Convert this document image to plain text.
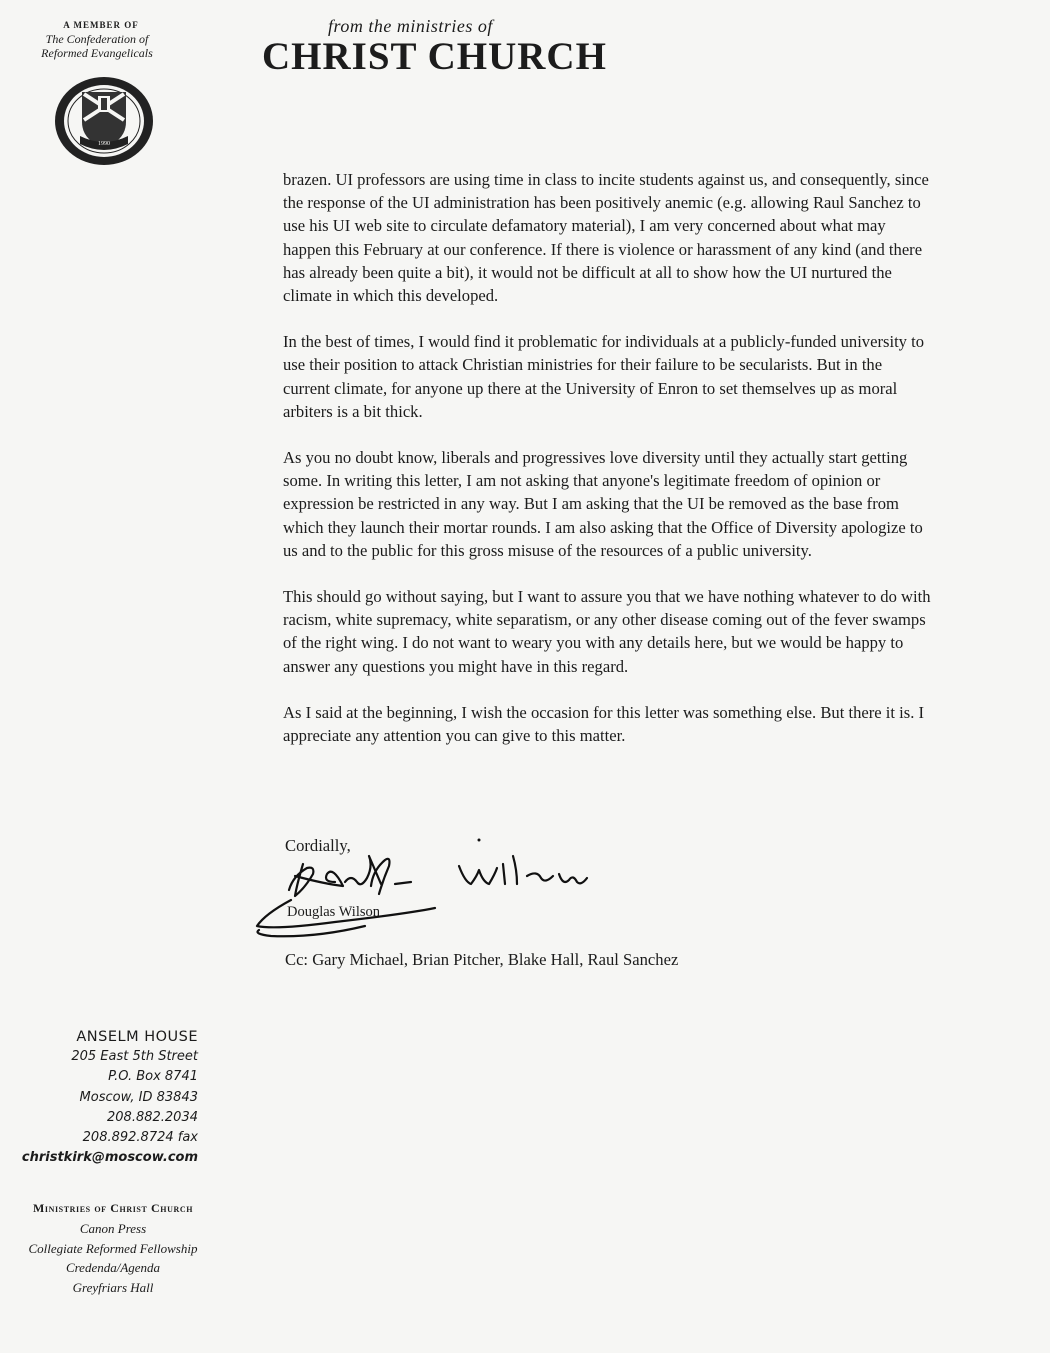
A MEMBER OF
The Confederation of
Reformed Evangelicals
1990
from the ministries of
CHRIST CHURCH

brazen. UI professors are using time in class to incite students against us, and consequently, since the response of the UI administration has been positively anemic (e.g. allowing Raul Sanchez to use his UI web site to circulate defamatory material), I am very concerned about what may happen this February at our conference. If there is violence or harassment of any kind (and there has already been quite a bit), it would not be difficult at all to show how the UI nurtured the climate in which this developed.

In the best of times, I would find it problematic for individuals at a publicly-funded university to use their position to attack Christian ministries for their failure to be secularists. But in the current climate, for anyone up there at the University of Enron to set themselves up as moral arbiters is a bit thick.

As you no doubt know, liberals and progressives love diversity until they actually start getting some. In writing this letter, I am not asking that anyone's legitimate freedom of opinion or expression be restricted in any way. But I am asking that the UI be removed as the base from which they launch their mortar rounds. I am also asking that the Office of Diversity apologize to us and to the public for this gross misuse of the resources of a public university.

This should go without saying, but I want to assure you that we have nothing whatever to do with racism, white supremacy, white separatism, or any other disease coming out of the fever swamps of the right wing. I do not want to weary you with any details here, but we would be happy to answer any questions you might have in this regard.

As I said at the beginning, I wish the occasion for this letter was something else. But there it is. I appreciate any attention you can give to this matter.

Cordially,
Douglas Wilson
Cc: Gary Michael, Brian Pitcher, Blake Hall, Raul Sanchez
ANSELM HOUSE
205 East 5th Street
P.O. Box 8741
Moscow, ID 83843
208.882.2034
208.892.8724 fax
christkirk@moscow.com
Ministries of Christ Church
Canon Press
Collegiate Reformed Fellowship
Credenda/Agenda
Greyfriars Hall
